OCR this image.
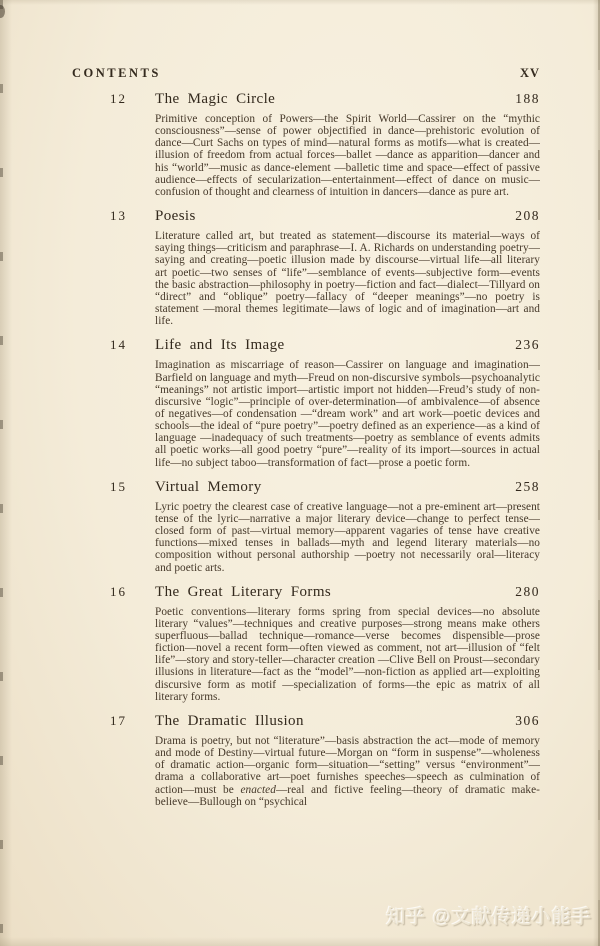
CONTENTS	XV
12	The Magic Circle	188

Primitive conception of Powers—the Spirit World—Cassirer on the “mythic consciousness”—sense of power objectified in dance—prehistoric evolution of dance—Curt Sachs on types of mind—natural forms as motifs—what is created—illusion of freedom from actual forces—ballet —dance as apparition—dancer and his “world”—music as dance-element —balletic time and space—effect of passive audience—effects of secularization—entertainment—effect of dance on music—confusion of thought and clearness of intuition in dancers—dance as pure art.

13	Poesis	208

Literature called art, but treated as statement—discourse its material—ways of saying things—criticism and paraphrase—I. A. Richards on understanding poetry—saying and creating—poetic illusion made by discourse—virtual life—all literary art poetic—two senses of “life”—semblance of events—subjective form—events the basic abstraction—philosophy in poetry—fiction and fact—dialect—Tillyard on “direct” and “oblique” poetry—fallacy of “deeper meanings”—no poetry is statement —moral themes legitimate—laws of logic and of imagination—art and life.

14	Life and Its Image	236

Imagination as miscarriage of reason—Cassirer on language and imagination—Barfield on language and myth—Freud on non-discursive symbols—psychoanalytic “meanings” not artistic import—artistic import not hidden—Freud’s study of non-discursive “logic”—principle of over-determination—of ambivalence—of absence of negatives—of condensation —“dream work” and art work—poetic devices and schools—the ideal of “pure poetry”—poetry defined as an experience—as a kind of language —inadequacy of such treatments—poetry as semblance of events admits all poetic works—all good poetry “pure”—reality of its import—sources in actual life—no subject taboo—transformation of fact—prose a poetic form.

15	Virtual Memory	258

Lyric poetry the clearest case of creative language—not a pre-eminent art—present tense of the lyric—narrative a major literary device—change to perfect tense—closed form of past—virtual memory—apparent vagaries of tense have creative functions—mixed tenses in ballads—myth and legend literary materials—no composition without personal authorship —poetry not necessarily oral—literacy and poetic arts.

16	The Great Literary Forms	280

Poetic conventions—literary forms spring from special devices—no absolute literary “values”—techniques and creative purposes—strong means make others superfluous—ballad technique—romance—verse becomes dispensible—prose fiction—novel a recent form—often viewed as comment, not art—illusion of “felt life”—story and story-teller—character creation —Clive Bell on Proust—secondary illusions in literature—fact as the “model”—non-fiction as applied art—exploiting discursive form as motif —specialization of forms—the epic as matrix of all literary forms.

17	The Dramatic Illusion	306

Drama is poetry, but not “literature”—basis abstraction the act—mode of memory and mode of Destiny—virtual future—Morgan on “form in suspense”—wholeness of dramatic action—organic form—situation—“setting” versus “environment”—drama a collaborative art—poet furnishes speeches—speech as culmination of action—must be enacted—real and fictive feeling—theory of dramatic make-believe—Bullough on “psychical

知乎 @文献传递小能手
